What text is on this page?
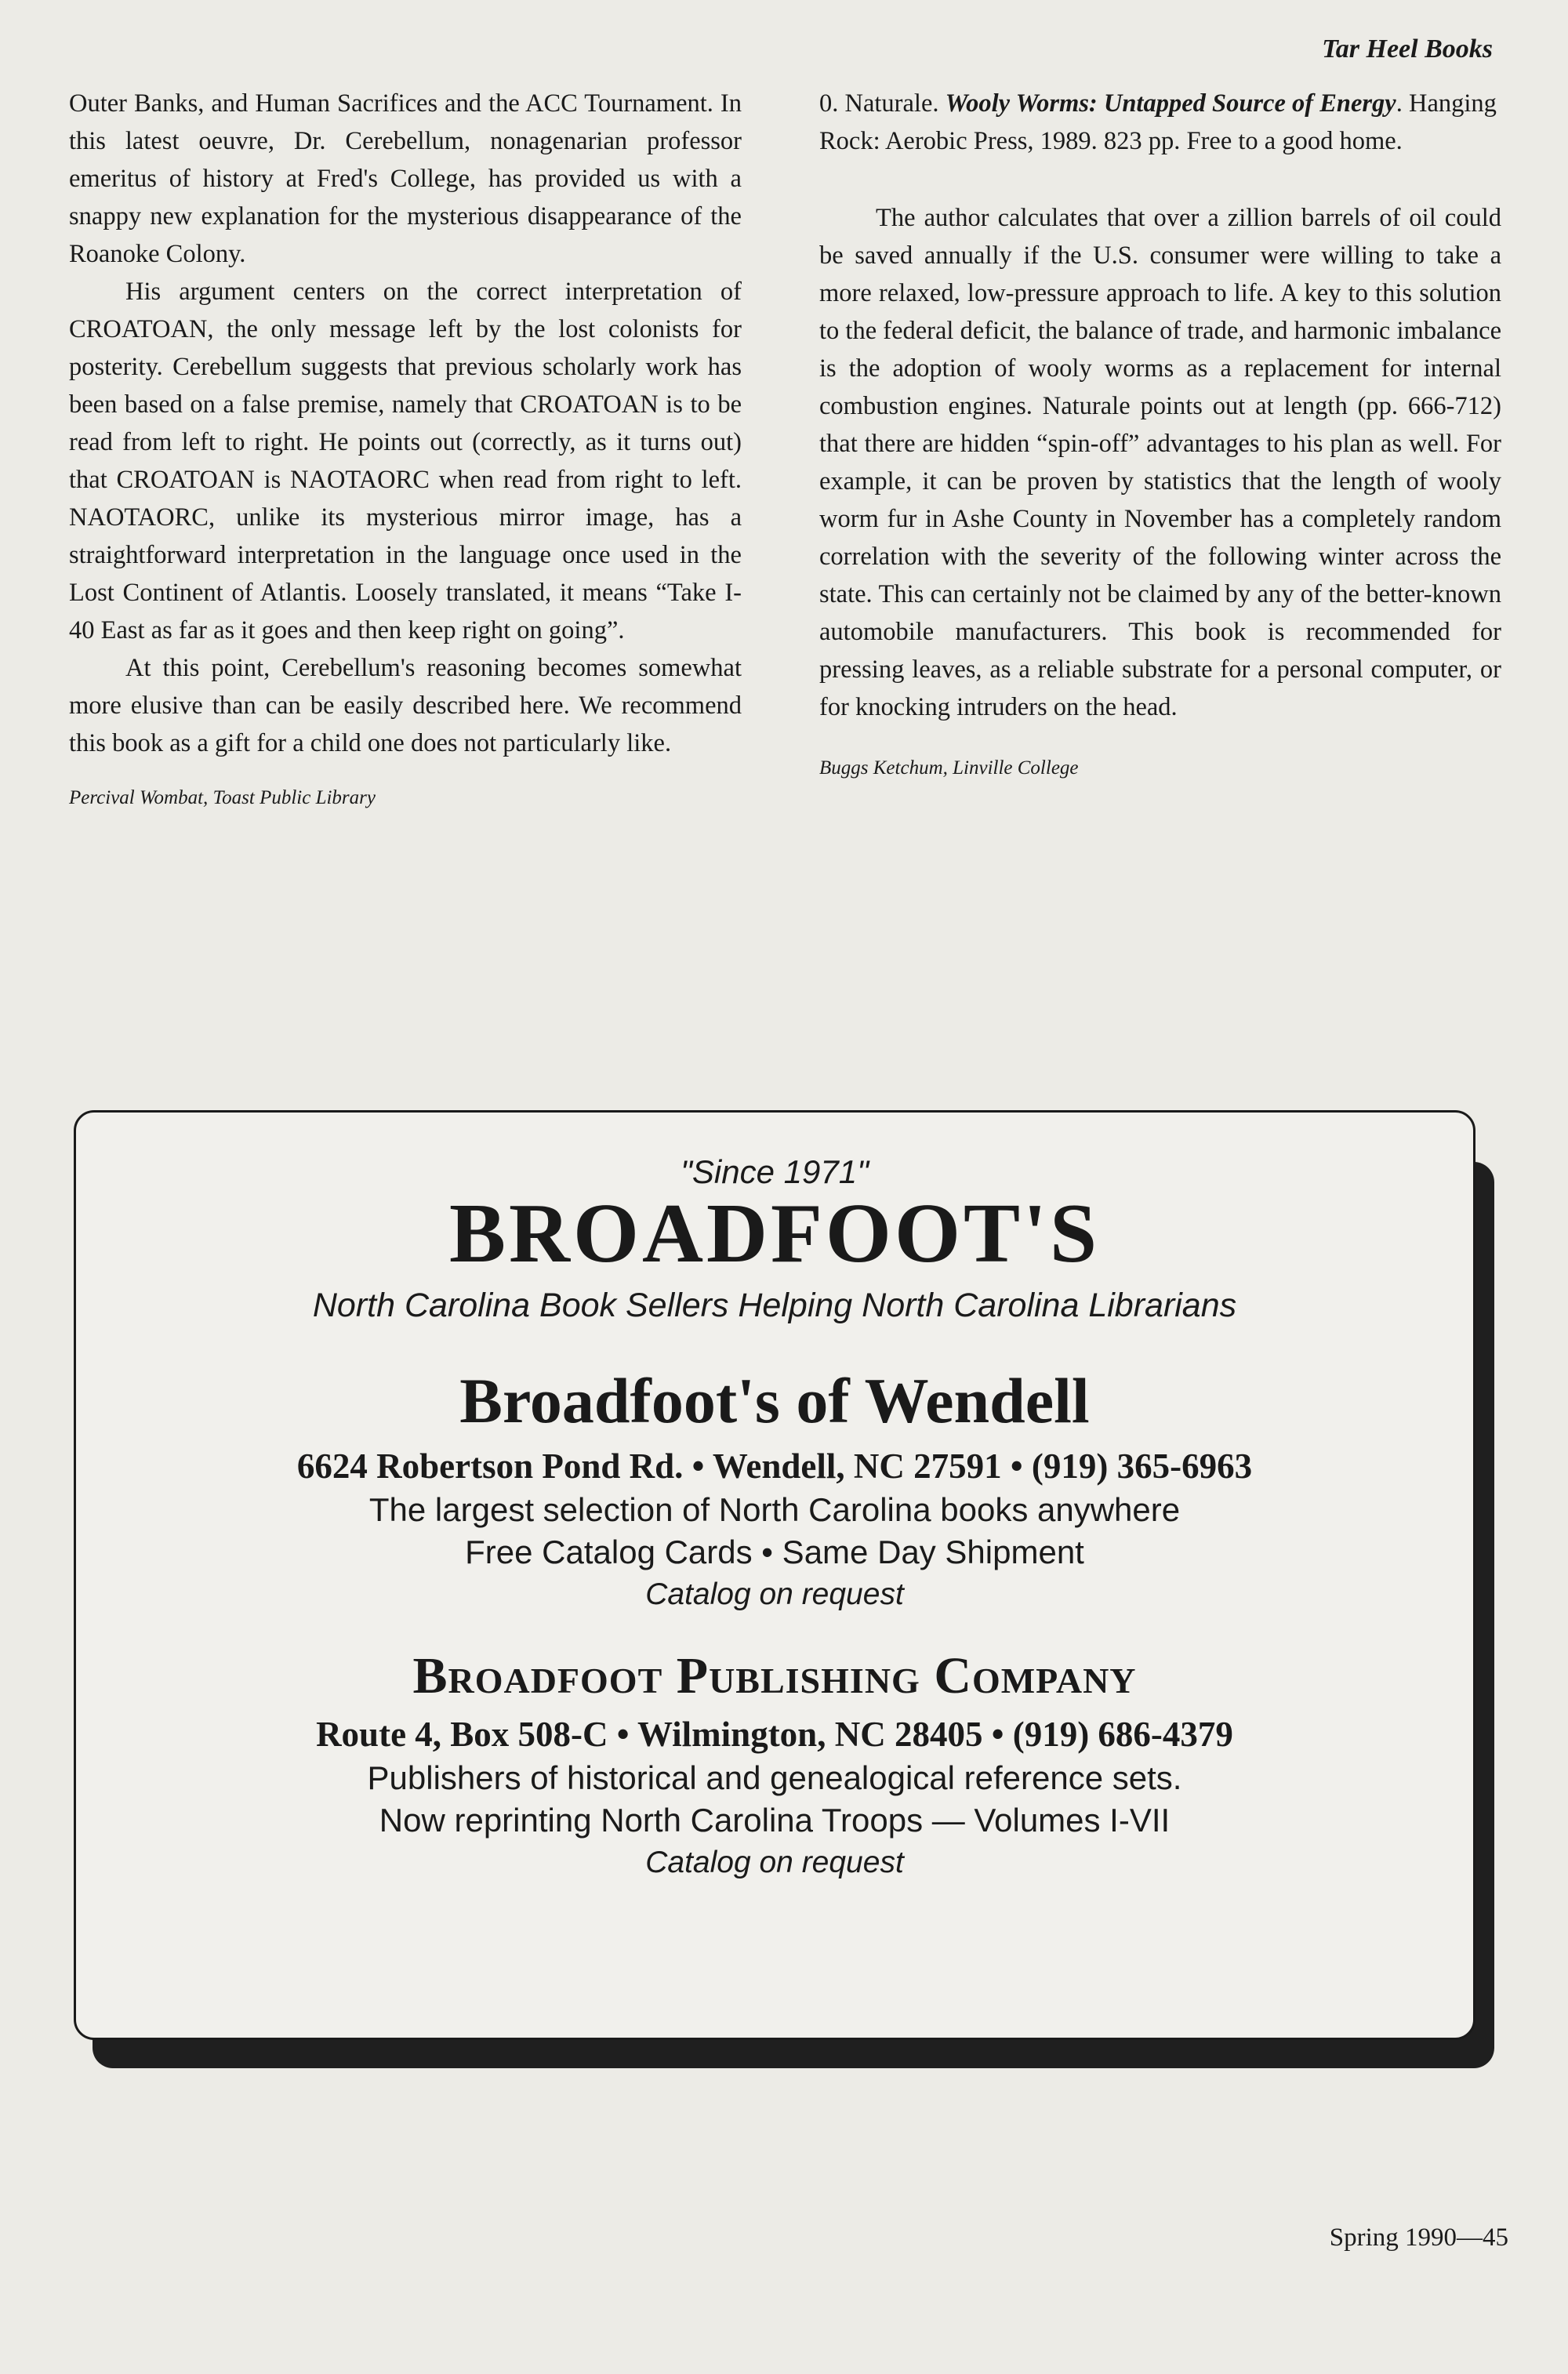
Tar Heel Books

Outer Banks, and Human Sacrifices and the ACC Tournament. In this latest oeuvre, Dr. Cerebellum, nonagenarian professor emeritus of history at Fred's College, has provided us with a snappy new explanation for the mysterious disappearance of the Roanoke Colony.

His argument centers on the correct interpretation of CROATOAN, the only message left by the lost colonists for posterity. Cerebellum suggests that previous scholarly work has been based on a false premise, namely that CROATOAN is to be read from left to right. He points out (correctly, as it turns out) that CROATOAN is NAOTAORC when read from right to left. NAOTAORC, unlike its mysterious mirror image, has a straightforward interpretation in the language once used in the Lost Continent of Atlantis. Loosely translated, it means “Take I-40 East as far as it goes and then keep right on going”.

At this point, Cerebellum's reasoning becomes somewhat more elusive than can be easily described here. We recommend this book as a gift for a child one does not particularly like.

Percival Wombat, Toast Public Library

0. Naturale. Wooly Worms: Untapped Source of Energy. Hanging Rock: Aerobic Press, 1989. 823 pp. Free to a good home.

The author calculates that over a zillion barrels of oil could be saved annually if the U.S. consumer were willing to take a more relaxed, low-pressure approach to life. A key to this solution to the federal deficit, the balance of trade, and harmonic imbalance is the adoption of wooly worms as a replacement for internal combustion engines. Naturale points out at length (pp. 666-712) that there are hidden “spin-off” advantages to his plan as well. For example, it can be proven by statistics that the length of wooly worm fur in Ashe County in November has a completely random correlation with the severity of the following winter across the state. This can certainly not be claimed by any of the better-known automobile manufacturers. This book is recommended for pressing leaves, as a reliable substrate for a personal computer, or for knocking intruders on the head.

Buggs Ketchum, Linville College

"Since 1971"
BROADFOOT'S
North Carolina Book Sellers Helping North Carolina Librarians
Broadfoot's of Wendell
6624 Robertson Pond Rd. • Wendell, NC 27591 • (919) 365-6963
The largest selection of North Carolina books anywhere
Free Catalog Cards • Same Day Shipment
Catalog on request
Broadfoot Publishing Company
Route 4, Box 508-C • Wilmington, NC 28405 • (919) 686-4379
Publishers of historical and genealogical reference sets.
Now reprinting North Carolina Troops — Volumes I-VII
Catalog on request
Spring 1990—45
